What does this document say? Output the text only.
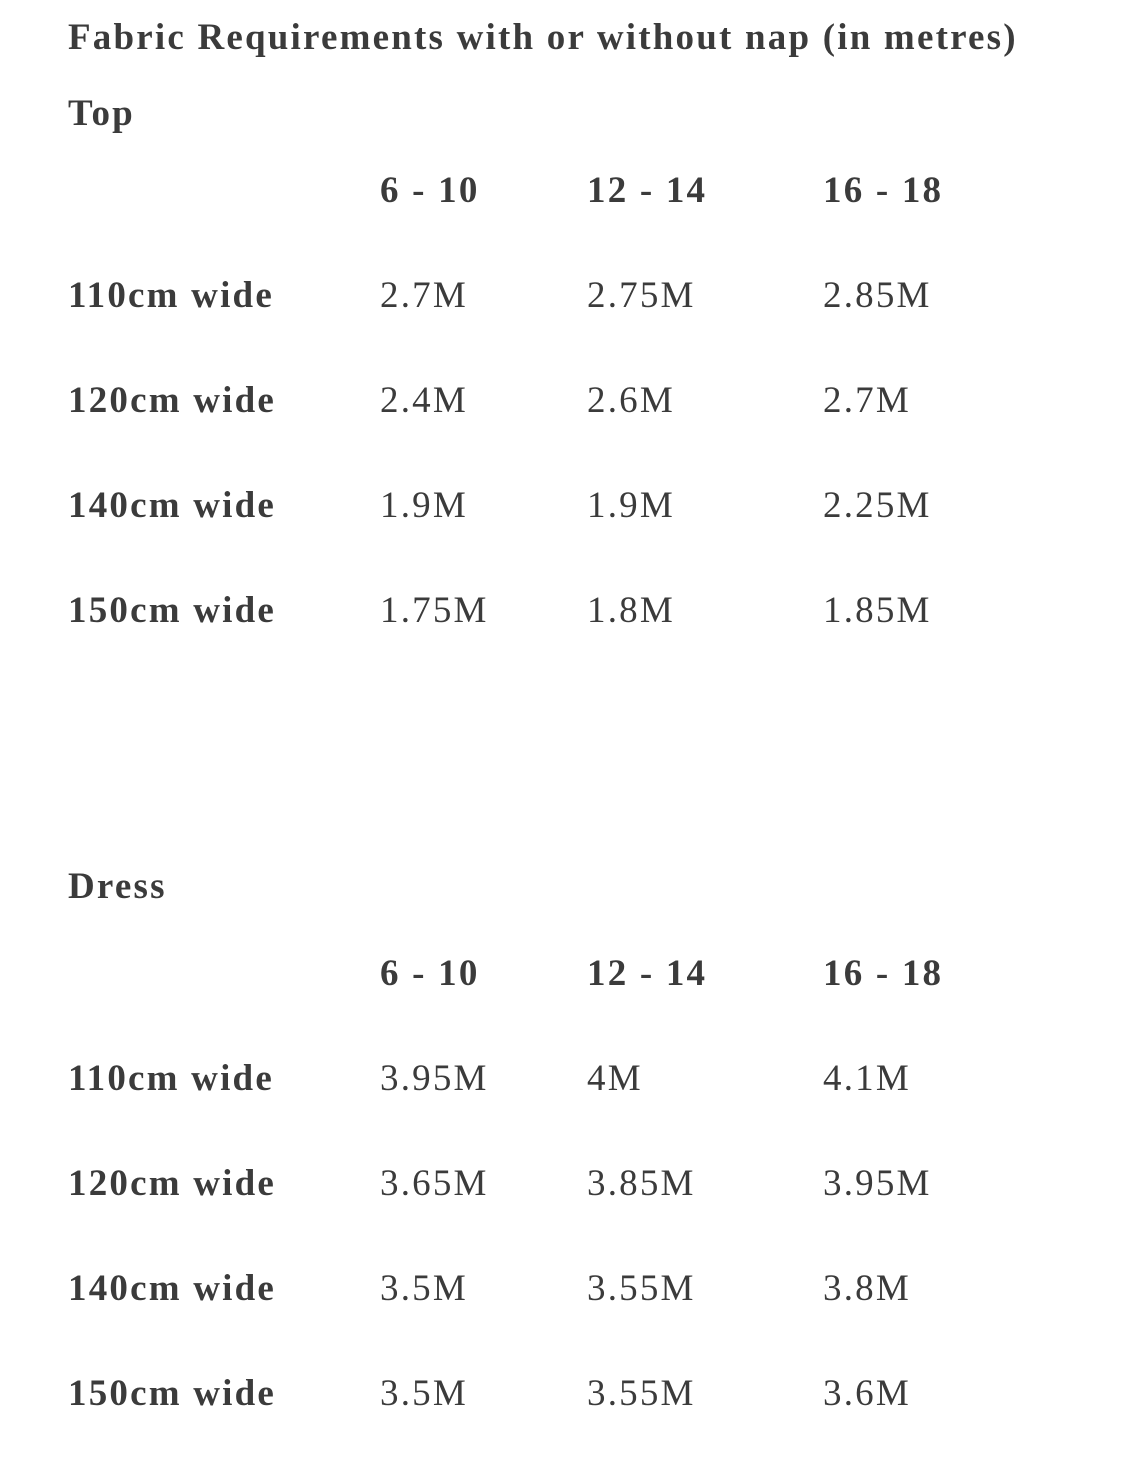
Fabric Requirements with or without nap (in metres) Top
6 - 10	12 - 14	16 - 18
110cm wide	2.7M	2.75M	2.85M
120cm wide	2.4M	2.6M	2.7M
140cm wide	1.9M	1.9M	2.25M
150cm wide	1.75M	1.8M	1.85M
Dress
6 - 10	12 - 14	16 - 18
110cm wide	3.95M	4M	4.1M
120cm wide	3.65M	3.85M	3.95M
140cm wide	3.5M	3.55M	3.8M
150cm wide	3.5M	3.55M	3.6M
